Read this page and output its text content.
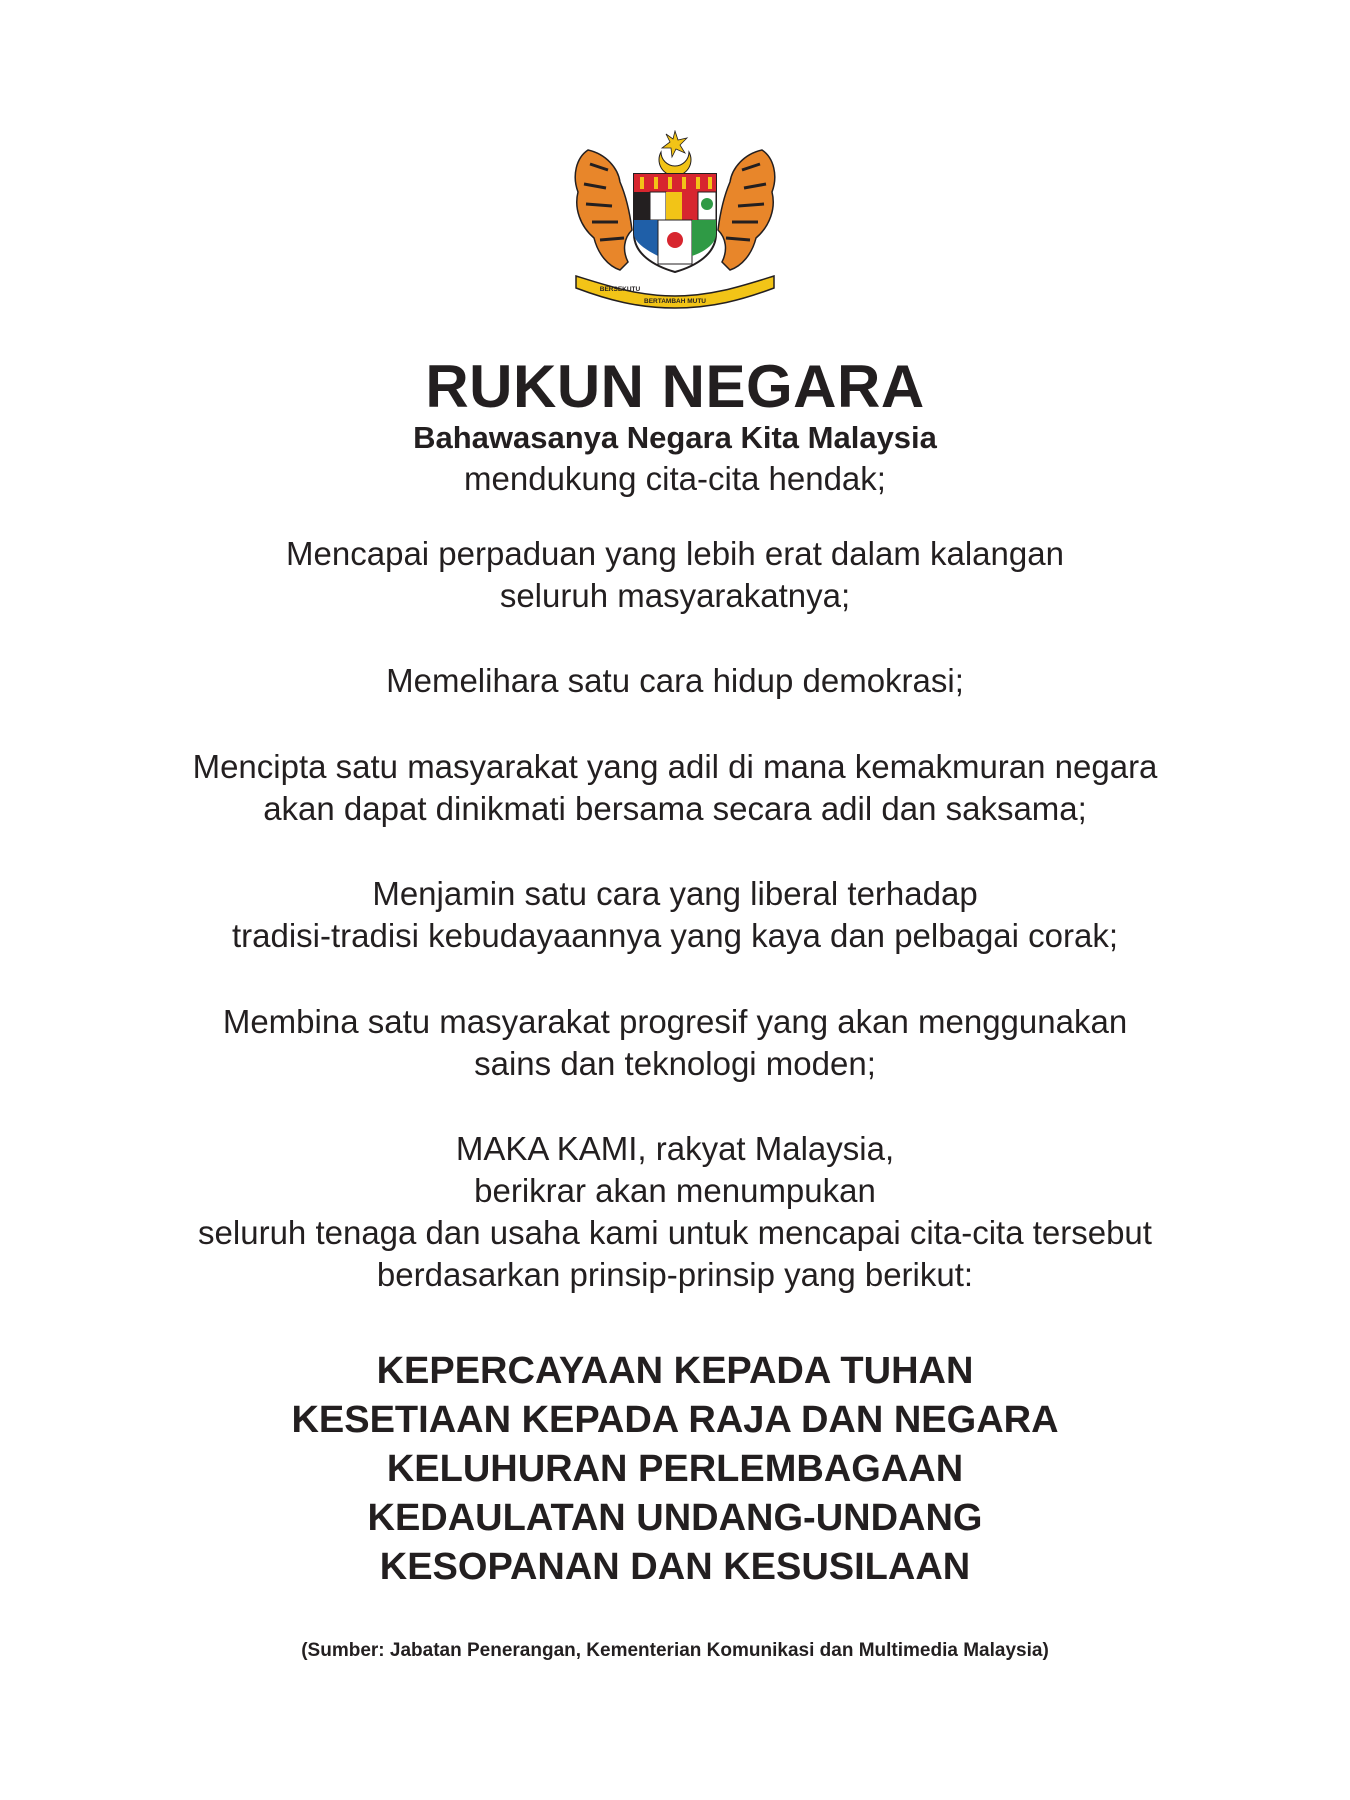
BERSEKUTU
BERTAMBAH MUTU
RUKUN NEGARA
Bahawasanya Negara Kita Malaysia
mendukung cita-cita hendak;
Mencapai perpaduan yang lebih erat dalam kalangan
seluruh masyarakatnya;
Memelihara satu cara hidup demokrasi;
Mencipta satu masyarakat yang adil di mana kemakmuran negara
akan dapat dinikmati bersama secara adil dan saksama;
Menjamin satu cara yang liberal terhadap
tradisi-tradisi kebudayaannya yang kaya dan pelbagai corak;
Membina satu masyarakat progresif yang akan menggunakan
sains dan teknologi moden;
MAKA KAMI, rakyat Malaysia,
berikrar akan menumpukan
seluruh tenaga dan usaha kami untuk mencapai cita-cita tersebut
berdasarkan prinsip-prinsip yang berikut:
KEPERCAYAAN KEPADA TUHAN
KESETIAAN KEPADA RAJA DAN NEGARA
KELUHURAN PERLEMBAGAAN
KEDAULATAN UNDANG-UNDANG
KESOPANAN DAN KESUSILAAN
(Sumber: Jabatan Penerangan, Kementerian Komunikasi dan Multimedia Malaysia)
